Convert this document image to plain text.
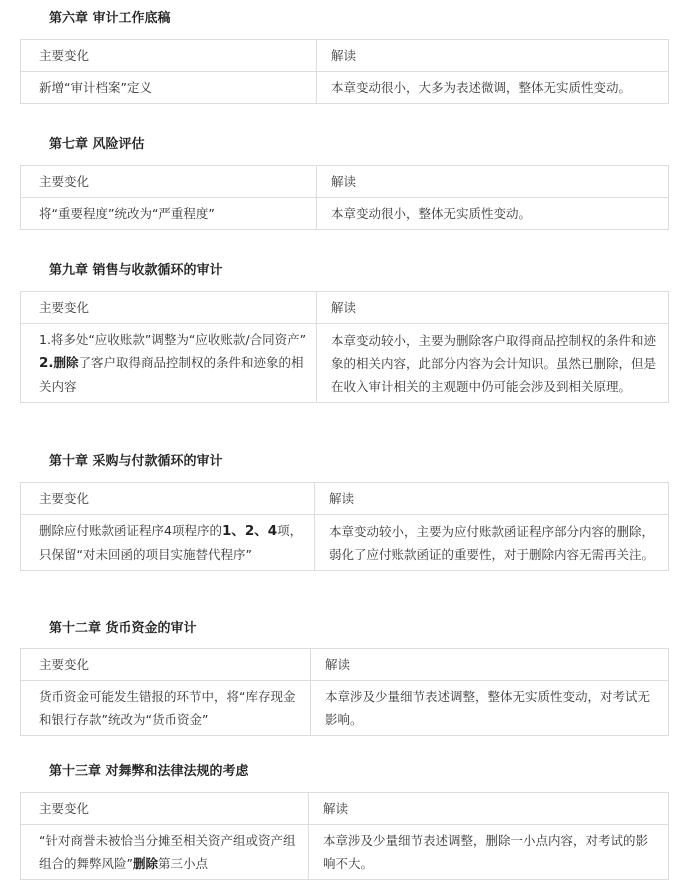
第六章 审计工作底稿
主要变化	解读
新增“审计档案”定义	本章变动很小，大多为表述微调，整体无实质性变动。
第七章 风险评估
主要变化	解读
将“重要程度”统改为“严重程度”	本章变动很小，整体无实质性变动。
第九章 销售与收款循环的审计
主要变化	解读

1.将多处“应收账款”调整为“应收账款/合同资产”
2.删除了客户取得商品控制权的条件和迹象的相关内容	本章变动较小，主要为删除客户取得商品控制权的条件和迹象的相关内容，此部分内容为会计知识。虽然已删除，但是在收入审计相关的主观题中仍可能会涉及到相关原理。
第十章 采购与付款循环的审计
主要变化	解读
删除应付账款函证程序4项程序的1、2、4项， 只保留“对未回函的项目实施替代程序”	本章变动较小，主要为应付账款函证程序部分内容的删除，弱化了应付账款函证的重要性，对于删除内容无需再关注。
第十二章 货币资金的审计
主要变化	解读
货币资金可能发生错报的环节中，将“库存现金和银行存款”统改为“货币资金”	本章涉及少量细节表述调整，整体无实质性变动，对考试无影响。
第十三章 对舞弊和法律法规的考虑
主要变化	解读
“针对商誉未被恰当分摊至相关资产组或资产组组合的舞弊风险”删除第三小点	本章涉及少量细节表述调整，删除一小点内容，对考试的影响不大。
